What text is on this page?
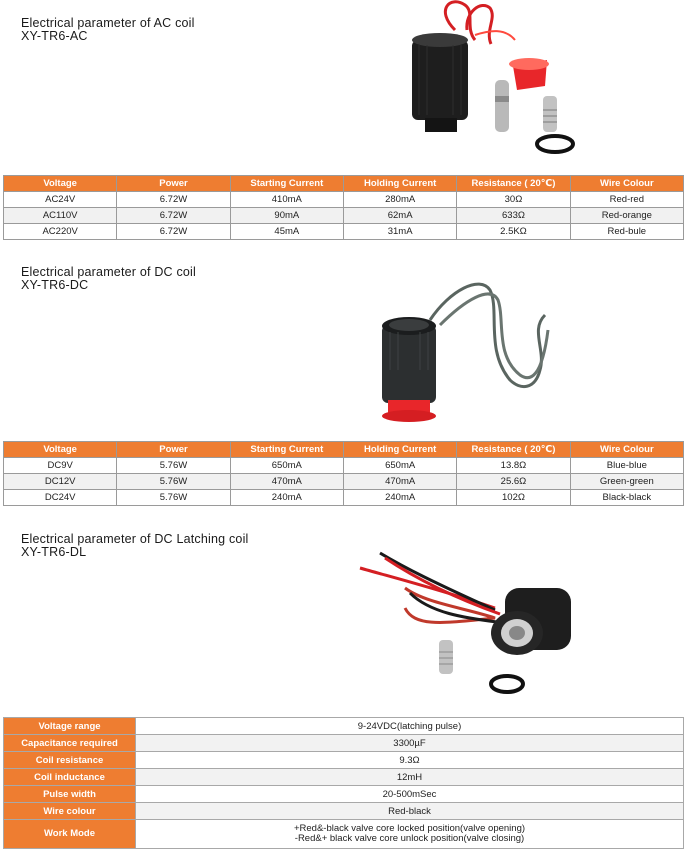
Electrical parameter of AC coil
XY-TR6-AC
Voltage	Power	Starting Current	Holding Current	Resistance ( 20℃)	Wire Colour
AC24V	6.72W	410mA	280mA	30Ω	Red-red
AC110V	6.72W	90mA	62mA	633Ω	Red-orange
AC220V	6.72W	45mA	31mA	2.5KΩ	Red-bule
Electrical parameter of DC coil
XY-TR6-DC
Voltage	Power	Starting Current	Holding Current	Resistance ( 20℃)	Wire Colour
DC9V	5.76W	650mA	650mA	13.8Ω	Blue-blue
DC12V	5.76W	470mA	470mA	25.6Ω	Green-green
DC24V	5.76W	240mA	240mA	102Ω	Black-black
Electrical parameter of DC Latching coil
XY-TR6-DL
Voltage range	9-24VDC(latching pulse)
Capacitance required	3300µF
Coil resistance	9.3Ω
Coil inductance	12mH
Pulse width	20-500mSec
Wire colour	Red-black
Work Mode	+Red&-black valve core locked position(valve opening)
-Red&+ black valve core unlock position(valve closing)
